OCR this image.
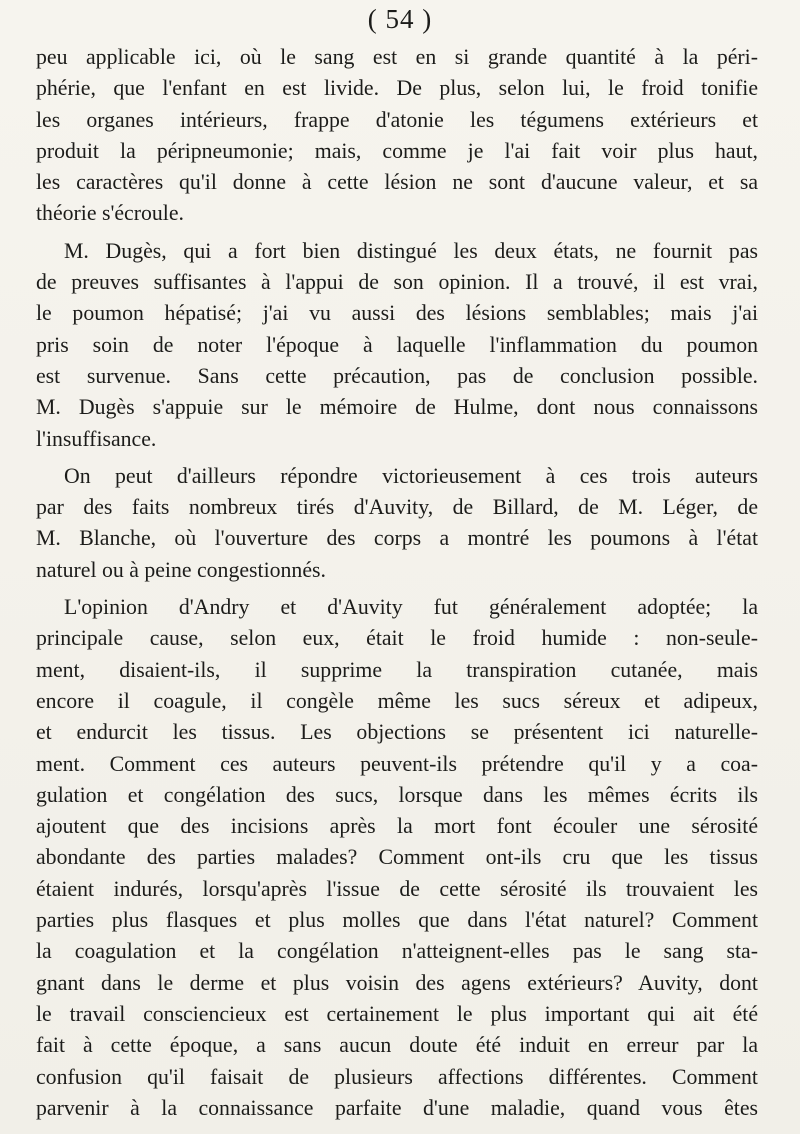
( 54 )
peu applicable ici, où le sang est en si grande quantité à la péri-
phérie, que l'enfant en est livide. De plus, selon lui, le froid tonifie
les organes intérieurs, frappe d'atonie les tégumens extérieurs et
produit la péripneumonie; mais, comme je l'ai fait voir plus haut,
les caractères qu'il donne à cette lésion ne sont d'aucune valeur, et sa
théorie s'écroule.
M. Dugès, qui a fort bien distingué les deux états, ne fournit pas
de preuves suffisantes à l'appui de son opinion. Il a trouvé, il est vrai,
le poumon hépatisé; j'ai vu aussi des lésions semblables; mais j'ai
pris soin de noter l'époque à laquelle l'inflammation du poumon
est survenue. Sans cette précaution, pas de conclusion possible.
M. Dugès s'appuie sur le mémoire de Hulme, dont nous connaissons
l'insuffisance.
On peut d'ailleurs répondre victorieusement à ces trois auteurs
par des faits nombreux tirés d'Auvity, de Billard, de M. Léger, de
M. Blanche, où l'ouverture des corps a montré les poumons à l'état
naturel ou à peine congestionnés.
L'opinion d'Andry et d'Auvity fut généralement adoptée; la
principale cause, selon eux, était le froid humide : non-seule-
ment, disaient-ils, il supprime la transpiration cutanée, mais
encore il coagule, il congèle même les sucs séreux et adipeux,
et endurcit les tissus. Les objections se présentent ici naturelle-
ment. Comment ces auteurs peuvent-ils prétendre qu'il y a coa-
gulation et congélation des sucs, lorsque dans les mêmes écrits ils
ajoutent que des incisions après la mort font écouler une sérosité
abondante des parties malades? Comment ont-ils cru que les tissus
étaient indurés, lorsqu'après l'issue de cette sérosité ils trouvaient les
parties plus flasques et plus molles que dans l'état naturel? Comment
la coagulation et la congélation n'atteignent-elles pas le sang sta-
gnant dans le derme et plus voisin des agens extérieurs? Auvity, dont
le travail consciencieux est certainement le plus important qui ait été
fait à cette époque, a sans aucun doute été induit en erreur par la
confusion qu'il faisait de plusieurs affections différentes. Comment
parvenir à la connaissance parfaite d'une maladie, quand vous êtes
